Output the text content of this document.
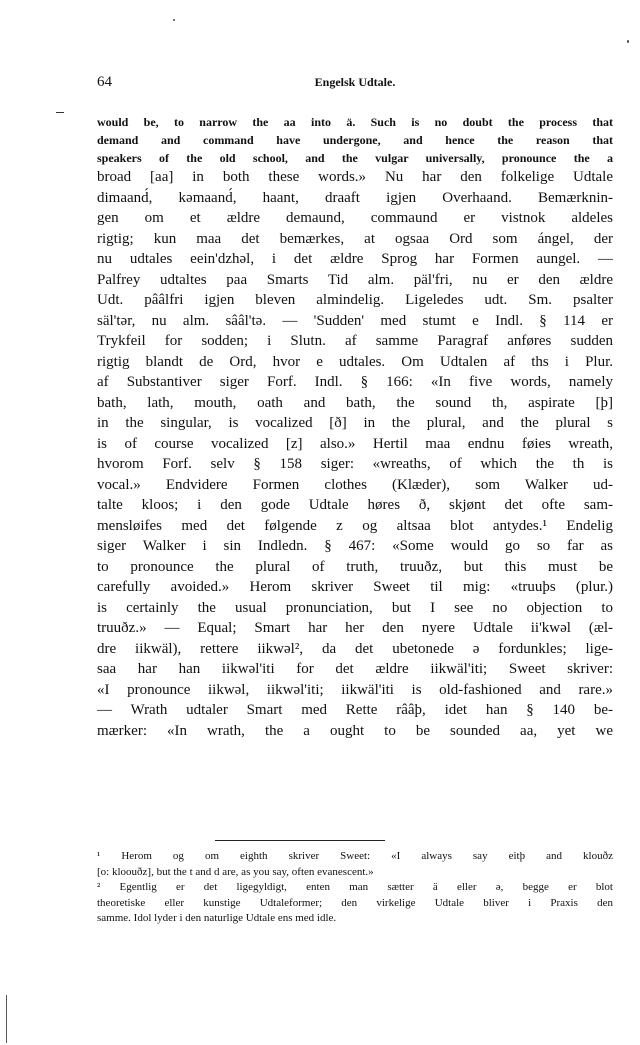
64	Engelsk Udtale.
would be, to narrow the aa into ä. Such is no doubt the process that
demand and command have undergone, and hence the reason that
speakers of the old school, and the vulgar universally, pronounce the a
broad [aa] in both these words.» Nu har den folkelige Udtale
dimaand́, kəmaand́, haant, draaft igjen Overhaand. Bemærknin-
gen om et ældre demaund, commaund er vistnok aldeles
rigtig; kun maa det bemærkes, at ogsaa Ord som ángel, der
nu udtales eein'dzhəl, i det ældre Sprog har Formen aungel. —
Palfrey udtaltes paa Smarts Tid alm. päl'fri, nu er den ældre
Udt. pââlfri igjen bleven almindelig. Ligeledes udt. Sm. psalter
säl'tər, nu alm. sââl'tə. — 'Sudden' med stumt e Indl. § 114 er
Trykfeil for sodden; i Slutn. af samme Paragraf anføres sudden
rigtig blandt de Ord, hvor e udtales. Om Udtalen af ths i Plur.
af Substantiver siger Forf. Indl. § 166: «In five words, namely
bath, lath, mouth, oath and bath, the sound th, aspirate [þ]
in the singular, is vocalized [ð] in the plural, and the plural s
is of course vocalized [z] also.» Hertil maa endnu føies wreath,
hvorom Forf. selv § 158 siger: «wreaths, of which the th is
vocal.» Endvidere Formen clothes (Klæder), som Walker ud-
talte kloos; i den gode Udtale høres ð, skjønt det ofte sam-
mensløifes med det følgende z og altsaa blot antydes.¹ Endelig
siger Walker i sin Indledn. § 467: «Some would go so far as
to pronounce the plural of truth, truuðz, but this must be
carefully avoided.» Herom skriver Sweet til mig: «truuþs (plur.)
is certainly the usual pronunciation, but I see no objection to
truuðz.» — Equal; Smart har her den nyere Udtale ii'kwəl (æl-
dre iikwäl), rettere iikwəl², da det ubetonede ə fordunkles; lige-
saa har han iikwəl'iti for det ældre iikwäl'iti; Sweet skriver:
«I pronounce iikwəl, iikwəl'iti; iikwäl'iti is old-fashioned and rare.»
— Wrath udtaler Smart med Rette rââþ, idet han § 140 be-
mærker: «In wrath, the a ought to be sounded aa, yet we
¹ Herom og om eighth skriver Sweet: «I always say eitþ and klouðz
[o: kloouðz], but the t and d are, as you say, often evanescent.»
² Egentlig er det ligegyldigt, enten man sætter ä eller ə, begge er blot
theoretiske eller kunstige Udtaleformer; den virkelige Udtale bliver i Praxis den
samme. Idol lyder i den naturlige Udtale ens med idle.
